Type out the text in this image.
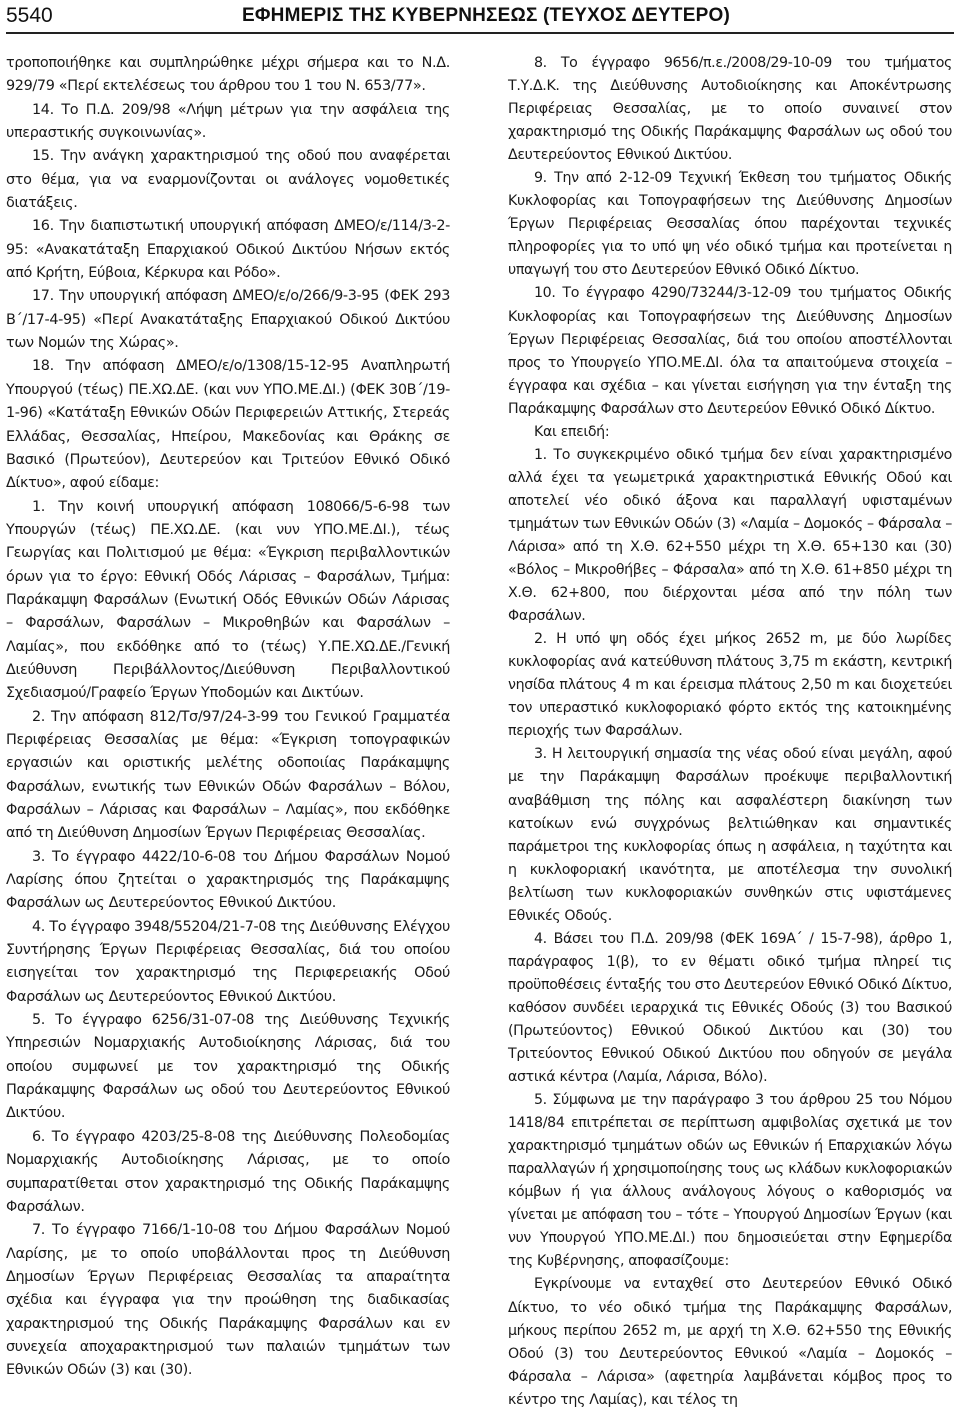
5540	ΕΦΗΜΕΡΙΣ ΤΗΣ ΚΥΒΕΡΝΗΣΕΩΣ (ΤΕΥΧΟΣ ΔΕΥΤΕΡΟ)

τροποποιήθηκε και συμπληρώθηκε μέχρι σήμερα και το Ν.Δ. 929/79 «Περί εκτελέσεως του άρθρου του 1 του Ν. 653/77».

14. Το Π.Δ. 209/98 «Λήψη μέτρων για την ασφάλεια της υπεραστικής συγκοινωνίας».

15. Την ανάγκη χαρακτηρισμού της οδού που αναφέρεται στο θέμα, για να εναρμονίζονται οι ανάλογες νομοθετικές διατάξεις.

16. Την διαπιστωτική υπουργική απόφαση ΔΜΕΟ/ε/114/3-2-95: «Ανακατάταξη Επαρχιακού Οδικού Δικτύου Νήσων εκτός από Κρήτη, Εύβοια, Κέρκυρα και Ρόδο».

17. Την υπουργική απόφαση ΔΜΕΟ/ε/ο/266/9-3-95 (ΦΕΚ 293 Β΄/17-4-95) «Περί Ανακατάταξης Επαρχιακού Οδικού Δικτύου των Νομών της Χώρας».

18. Την απόφαση ΔΜΕΟ/ε/ο/1308/15-12-95 Αναπληρωτή Υπουργού (τέως) ΠΕ.ΧΩ.ΔΕ. (και νυν ΥΠΟ.ΜΕ.ΔΙ.) (ΦΕΚ 30Β΄/19-1-96) «Κατάταξη Εθνικών Οδών Περιφερειών Αττικής, Στερεάς Ελλάδας, Θεσσαλίας, Ηπείρου, Μακεδονίας και Θράκης σε Βασικό (Πρωτεύον), Δευτερεύον και Τριτεύον Εθνικό Οδικό Δίκτυο», αφού είδαμε:

1. Την κοινή υπουργική απόφαση 108066/5-6-98 των Υπουργών (τέως) ΠΕ.ΧΩ.ΔΕ. (και νυν ΥΠΟ.ΜΕ.ΔΙ.), τέως Γεωργίας και Πολιτισμού με θέμα: «Έγκριση περιβαλλοντικών όρων για το έργο: Εθνική Οδός Λάρισας – Φαρσάλων, Τμήμα: Παράκαμψη Φαρσάλων (Ενωτική Οδός Εθνικών Οδών Λάρισας – Φαρσάλων, Φαρσάλων – Μικροθηβών και Φαρσάλων – Λαμίας», που εκδόθηκε από το (τέως) Υ.ΠΕ.ΧΩ.ΔΕ./Γενική Διεύθυνση Περιβάλλοντος/Διεύθυνση Περιβαλλοντικού Σχεδιασμού/Γραφείο Έργων Υποδομών και Δικτύων.

2. Την απόφαση 812/Τσ/97/24-3-99 του Γενικού Γραμματέα Περιφέρειας Θεσσαλίας με θέμα: «Έγκριση τοπογραφικών εργασιών και οριστικής μελέτης οδοποιίας Παράκαμψης Φαρσάλων, ενωτικής των Εθνικών Οδών Φαρσάλων – Βόλου, Φαρσάλων – Λάρισας και Φαρσάλων – Λαμίας», που εκδόθηκε από τη Διεύθυνση Δημοσίων Έργων Περιφέρειας Θεσσαλίας.

3. Το έγγραφο 4422/10-6-08 του Δήμου Φαρσάλων Νομού Λαρίσης όπου ζητείται ο χαρακτηρισμός της Παράκαμψης Φαρσάλων ως Δευτερεύοντος Εθνικού Δικτύου.

4. Το έγγραφο 3948/55204/21-7-08 της Διεύθυνσης Ελέγχου Συντήρησης Έργων Περιφέρειας Θεσσαλίας, διά του οποίου εισηγείται τον χαρακτηρισμό της Περιφερειακής Οδού Φαρσάλων ως Δευτερεύοντος Εθνικού Δικτύου.

5. Το έγγραφο 6256/31-07-08 της Διεύθυνσης Τεχνικής Υπηρεσιών Νομαρχιακής Αυτοδιοίκησης Λάρισας, διά του οποίου συμφωνεί με τον χαρακτηρισμό της Οδικής Παράκαμψης Φαρσάλων ως οδού του Δευτερεύοντος Εθνικού Δικτύου.

6. Το έγγραφο 4203/25-8-08 της Διεύθυνσης Πολεοδομίας Νομαρχιακής Αυτοδιοίκησης Λάρισας, με το οποίο συμπαρατίθεται στον χαρακτηρισμό της Οδικής Παράκαμψης Φαρσάλων.

7. Το έγγραφο 7166/1-10-08 του Δήμου Φαρσάλων Νομού Λαρίσης, με το οποίο υποβάλλονται προς τη Διεύθυνση Δημοσίων Έργων Περιφέρειας Θεσσαλίας τα απαραίτητα σχέδια και έγγραφα για την προώθηση της διαδικασίας χαρακτηρισμού της Οδικής Παράκαμψης Φαρσάλων και εν συνεχεία αποχαρακτηρισμού των παλαιών τμημάτων των Εθνικών Οδών (3) και (30).

8. Το έγγραφο 9656/π.ε./2008/29-10-09 του τμήματος Τ.Υ.Δ.Κ. της Διεύθυνσης Αυτοδιοίκησης και Αποκέντρωσης Περιφέρειας Θεσσαλίας, με το οποίο συναινεί στον χαρακτηρισμό της Οδικής Παράκαμψης Φαρσάλων ως οδού του Δευτερεύοντος Εθνικού Δικτύου.

9. Την από 2-12-09 Τεχνική Έκθεση του τμήματος Οδικής Κυκλοφορίας και Τοπογραφήσεων της Διεύθυνσης Δημοσίων Έργων Περιφέρειας Θεσσαλίας όπου παρέχονται τεχνικές πληροφορίες για το υπό ψη νέο οδικό τμήμα και προτείνεται η υπαγωγή του στο Δευτερεύον Εθνικό Οδικό Δίκτυο.

10. Το έγγραφο 4290/73244/3-12-09 του τμήματος Οδικής Κυκλοφορίας και Τοπογραφήσεων της Διεύθυνσης Δημοσίων Έργων Περιφέρειας Θεσσαλίας, διά του οποίου αποστέλλονται προς το Υπουργείο ΥΠΟ.ΜΕ.ΔΙ. όλα τα απαιτούμενα στοιχεία – έγγραφα και σχέδια – και γίνεται εισήγηση για την ένταξη της Παράκαμψης Φαρσάλων στο Δευτερεύον Εθνικό Οδικό Δίκτυο.

Και επειδή:

1. Το συγκεκριμένο οδικό τμήμα δεν είναι χαρακτηρισμένο αλλά έχει τα γεωμετρικά χαρακτηριστικά Εθνικής Οδού και αποτελεί νέο οδικό άξονα και παραλλαγή υφισταμένων τμημάτων των Εθνικών Οδών (3) «Λαμία – Δομοκός – Φάρσαλα – Λάρισα» από τη Χ.Θ. 62+550 μέχρι τη Χ.Θ. 65+130 και (30) «Βόλος – Μικροθήβες – Φάρσαλα» από τη Χ.Θ. 61+850 μέχρι τη Χ.Θ. 62+800, που διέρχονται μέσα από την πόλη των Φαρσάλων.

2. Η υπό ψη οδός έχει μήκος 2652 m, με δύο λωρίδες κυκλοφορίας ανά κατεύθυνση πλάτους 3,75 m εκάστη, κεντρική νησίδα πλάτους 4 m και έρεισμα πλάτους 2,50 m και διοχετεύει τον υπεραστικό κυκλοφοριακό φόρτο εκτός της κατοικημένης περιοχής των Φαρσάλων.

3. Η λειτουργική σημασία της νέας οδού είναι μεγάλη, αφού με την Παράκαμψη Φαρσάλων προέκυψε περιβαλλοντική αναβάθμιση της πόλης και ασφαλέστερη διακίνηση των κατοίκων ενώ συγχρόνως βελτιώθηκαν και σημαντικές παράμετροι της κυκλοφορίας όπως η ασφάλεια, η ταχύτητα και η κυκλοφοριακή ικανότητα, με αποτέλεσμα την συνολική βελτίωση των κυκλοφοριακών συνθηκών στις υφιστάμενες Εθνικές Οδούς.

4. Βάσει του Π.Δ. 209/98 (ΦΕΚ 169Α΄ / 15-7-98), άρθρο 1, παράγραφος 1(β), το εν θέματι οδικό τμήμα πληρεί τις προϋποθέσεις ένταξής του στο Δευτερεύον Εθνικό Οδικό Δίκτυο, καθόσον συνδέει ιεραρχικά τις Εθνικές Οδούς (3) του Βασικού (Πρωτεύοντος) Εθνικού Οδικού Δικτύου και (30) του Τριτεύοντος Εθνικού Οδικού Δικτύου που οδηγούν σε μεγάλα αστικά κέντρα (Λαμία, Λάρισα, Βόλο).

5. Σύμφωνα με την παράγραφο 3 του άρθρου 25 του Νόμου 1418/84 επιτρέπεται σε περίπτωση αμφιβολίας σχετικά με τον χαρακτηρισμό τμημάτων οδών ως Εθνικών ή Επαρχιακών λόγω παραλλαγών ή χρησιμοποίησης τους ως κλάδων κυκλοφοριακών κόμβων ή για άλλους ανάλογους λόγους ο καθορισμός να γίνεται με απόφαση του – τότε – Υπουργού Δημοσίων Έργων (και νυν Υπουργού ΥΠΟ.ΜΕ.ΔΙ.) που δημοσιεύεται στην Εφημερίδα της Κυβέρνησης, αποφασίζουμε:

Εγκρίνουμε να ενταχθεί στο Δευτερεύον Εθνικό Οδικό Δίκτυο, το νέο οδικό τμήμα της Παράκαμψης Φαρσάλων, μήκους περίπου 2652 m, με αρχή τη Χ.Θ. 62+550 της Εθνικής Οδού (3) του Δευτερεύοντος Εθνικού «Λαμία – Δομοκός – Φάρσαλα – Λάρισα» (αφετηρία λαμβάνεται κόμβος προς το κέντρο της Λαμίας), και τέλος τη
